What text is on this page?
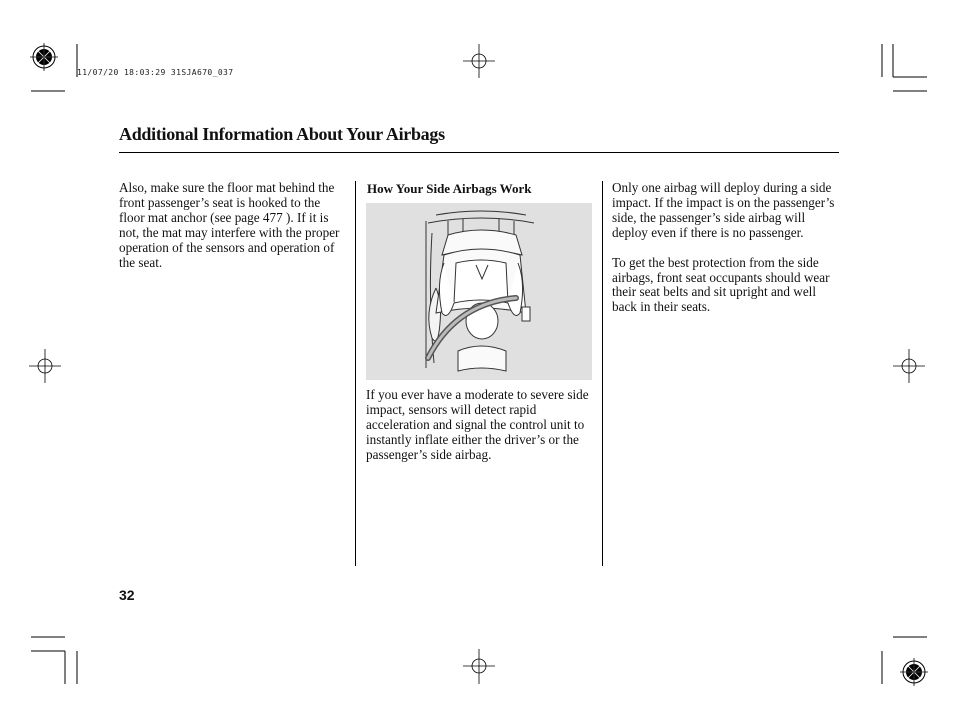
11/07/20 18:03:29 31SJA670_037
Additional Information About Your Airbags

Also, make sure the floor mat behind the front passenger’s seat is hooked to the floor mat anchor (see page 477 ). If it is not, the mat may interfere with the proper operation of the sensors and operation of the seat.

How Your Side Airbags Work

If you ever have a moderate to severe side impact, sensors will detect rapid acceleration and signal the control unit to instantly inflate either the driver’s or the passenger’s side airbag.

Only one airbag will deploy during a side impact. If the impact is on the passenger’s side, the passenger’s side airbag will deploy even if there is no passenger.

To get the best protection from the side airbags, front seat occupants should wear their seat belts and sit upright and well back in their seats.

32
